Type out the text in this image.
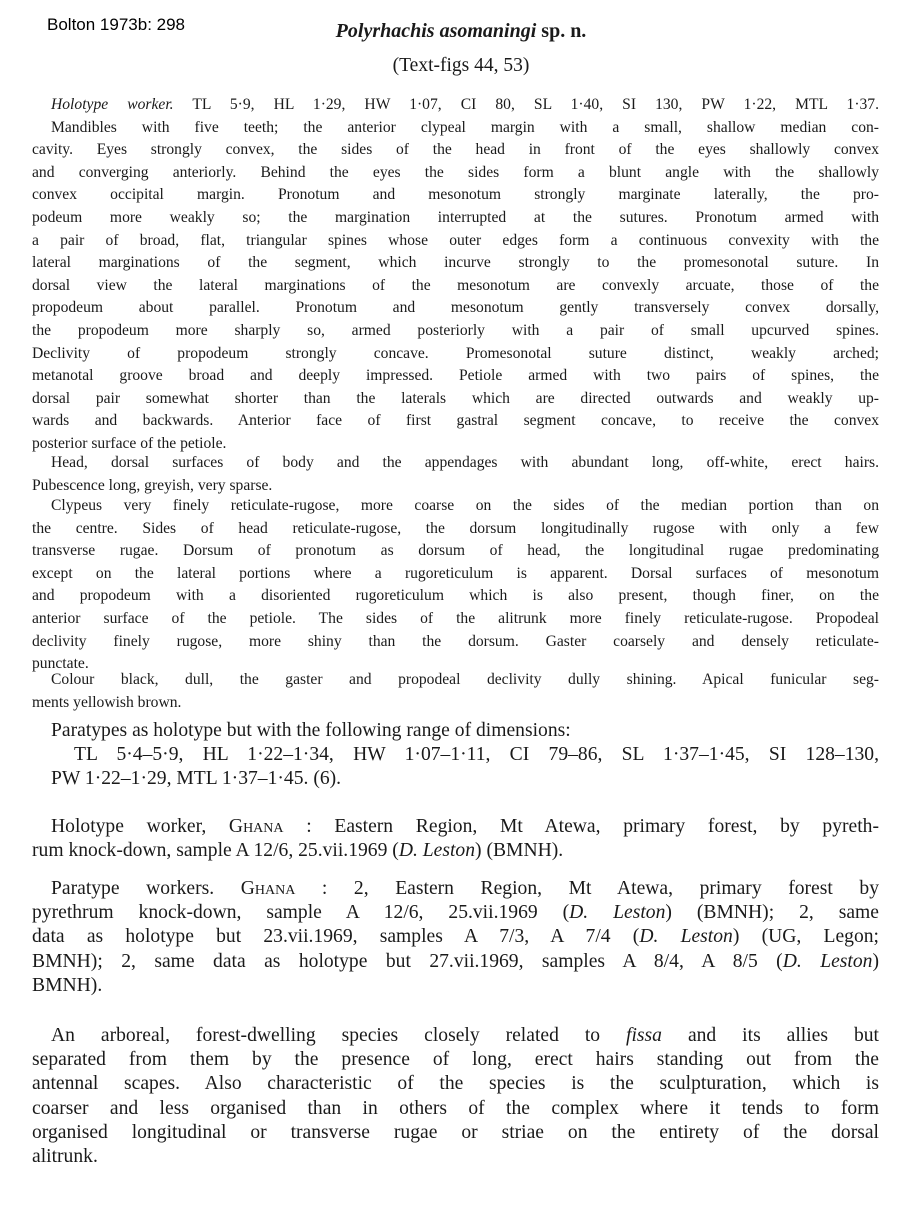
Bolton 1973b: 298	Polyrhachis asomaningi sp. n.
(Text-figs 44, 53)

Holotype worker. TL 5·9, HL 1·29, HW 1·07, CI 80, SL 1·40, SI 130, PW 1·22, MTL 1·37.
Mandibles with five teeth; the anterior clypeal margin with a small, shallow median con-
cavity. Eyes strongly convex, the sides of the head in front of the eyes shallowly convex
and converging anteriorly. Behind the eyes the sides form a blunt angle with the shallowly
convex occipital margin. Pronotum and mesonotum strongly marginate laterally, the pro-
podeum more weakly so; the margination interrupted at the sutures. Pronotum armed with
a pair of broad, flat, triangular spines whose outer edges form a continuous convexity with the
lateral marginations of the segment, which incurve strongly to the promesonotal suture. In
dorsal view the lateral marginations of the mesonotum are convexly arcuate, those of the
propodeum about parallel. Pronotum and mesonotum gently transversely convex dorsally,
the propodeum more sharply so, armed posteriorly with a pair of small upcurved spines.
Declivity of propodeum strongly concave. Promesonotal suture distinct, weakly arched;
metanotal groove broad and deeply impressed. Petiole armed with two pairs of spines, the
dorsal pair somewhat shorter than the laterals which are directed outwards and weakly up-
wards and backwards. Anterior face of first gastral segment concave, to receive the convex
posterior surface of the petiole.

Head, dorsal surfaces of body and the appendages with abundant long, off-white, erect hairs.
Pubescence long, greyish, very sparse.

Clypeus very finely reticulate-rugose, more coarse on the sides of the median portion than on
the centre. Sides of head reticulate-rugose, the dorsum longitudinally rugose with only a few
transverse rugae. Dorsum of pronotum as dorsum of head, the longitudinal rugae predominating
except on the lateral portions where a rugoreticulum is apparent. Dorsal surfaces of mesonotum
and propodeum with a disoriented rugoreticulum which is also present, though finer, on the
anterior surface of the petiole. The sides of the alitrunk more finely reticulate-rugose. Propodeal
declivity finely rugose, more shiny than the dorsum. Gaster coarsely and densely reticulate-
punctate.

Colour black, dull, the gaster and propodeal declivity dully shining. Apical funicular seg-
ments yellowish brown.

Paratypes as holotype but with the following range of dimensions:
TL 5·4–5·9, HL 1·22–1·34, HW 1·07–1·11, CI 79–86, SL 1·37–1·45, SI 128–130,
PW 1·22–1·29, MTL 1·37–1·45. (6).

Holotype worker, Ghana : Eastern Region, Mt Atewa, primary forest, by pyreth-
rum knock-down, sample A 12/6, 25.vii.1969 (D. Leston) (BMNH).

Paratype workers. Ghana : 2, Eastern Region, Mt Atewa, primary forest by
pyrethrum knock-down, sample A 12/6, 25.vii.1969 (D. Leston) (BMNH); 2, same
data as holotype but 23.vii.1969, samples A 7/3, A 7/4 (D. Leston) (UG, Legon;
BMNH); 2, same data as holotype but 27.vii.1969, samples A 8/4, A 8/5 (D. Leston)
BMNH).

An arboreal, forest-dwelling species closely related to fissa and its allies but
separated from them by the presence of long, erect hairs standing out from the
antennal scapes. Also characteristic of the species is the sculpturation, which is
coarser and less organised than in others of the complex where it tends to form
organised longitudinal or transverse rugae or striae on the entirety of the dorsal
alitrunk.
